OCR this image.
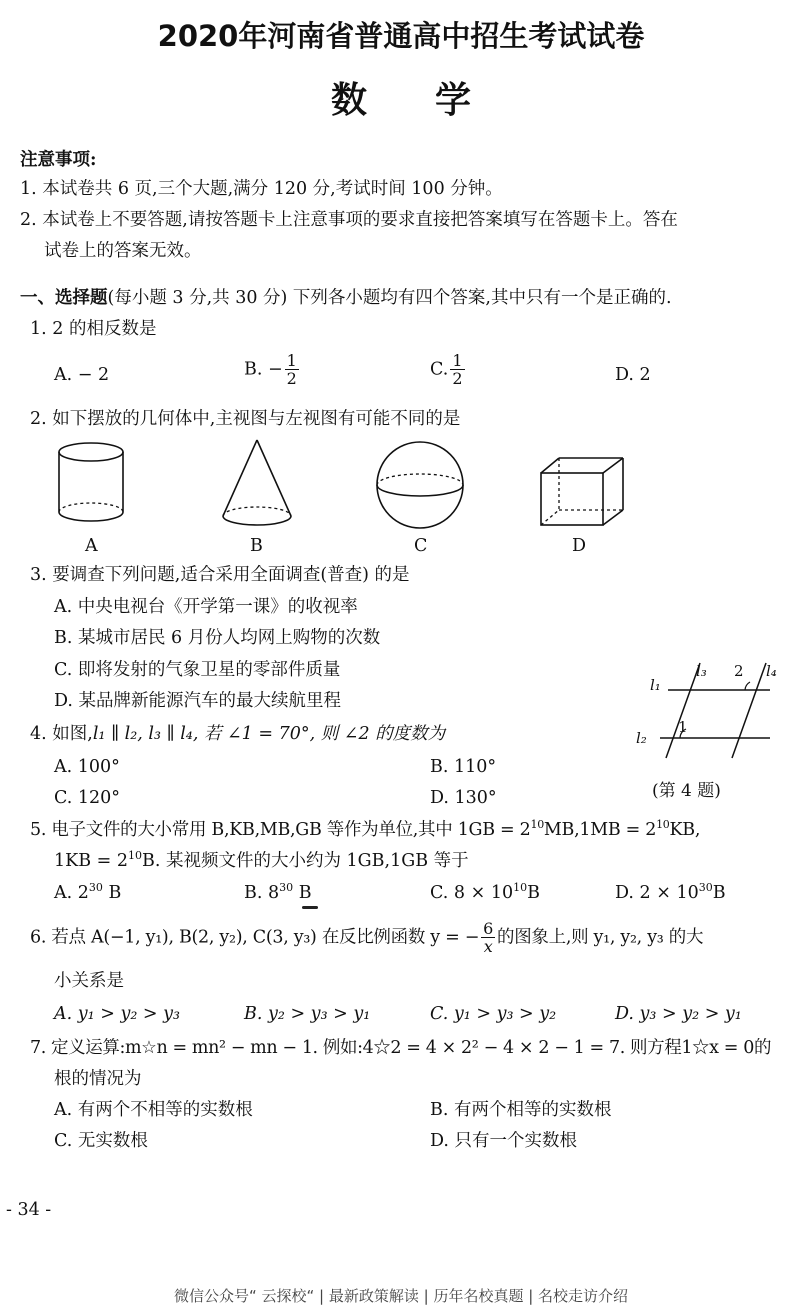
2020年河南省普通高中招生考试试卷
数学
注意事项:
1. 本试卷共 6 页,三个大题,满分 120 分,考试时间 100 分钟。
2. 本试卷上不要答题,请按答题卡上注意事项的要求直接把答案填写在答题卡上。答在
试卷上的答案无效。
一、选择题(每小题 3 分,共 30 分) 下列各小题均有四个答案,其中只有一个是正确的.
1. 2 的相反数是
A. − 2	B. − $\frac{1}{2}$	C. $\frac{1}{2}$	D. 2
2. 如下摆放的几何体中,主视图与左视图有可能不同的是
A	B	C	D
3. 要调查下列问题,适合采用全面调查(普查) 的是
A. 中央电视台《开学第一课》的收视率
B. 某城市居民 6 月份人均网上购物的次数
C. 即将发射的气象卫星的零部件质量
D. 某品牌新能源汽车的最大续航里程
l₁
l₂
l₃	l₄
1
2
(第 4 题)
4. 如图,l₁ ∥ l₂, l₃ ∥ l₄, 若 ∠1 = 70°, 则 ∠2 的度数为
A. 100°	B. 110°
C. 120°	D. 130°
5. 电子文件的大小常用 B,KB,MB,GB 等作为单位,其中 $1GB = 2^{10}MB,1MB = 2^{10}KB$,
$1KB = 2^{10}B$. 某视频文件的大小约为 1GB,1GB 等于
A. $2^{30}$ B	B. $8^{30}$ B	C. $8 \times 10^{10}B$	D. $2 \times 10^{30}B$
6. 若点 A(−1, y₁), B(2, y₂), C(3, y₃) 在反比例函数 y = − $\frac{6}{x}$ 的图象上,则 y₁, y₂, y₃ 的大
小关系是
A. y₁ > y₂ > y₃	B. y₂ > y₃ > y₁	C. y₁ > y₃ > y₂	D. y₃ > y₂ > y₁
7. 定义运算:m☆n = mn² − mn − 1. 例如:4☆2 = 4 × 2² − 4 × 2 − 1 = 7. 则方程1☆x = 0的
根的情况为
A. 有两个不相等的实数根	B. 有两个相等的实数根
C. 无实数根	D. 只有一个实数根
- 34 -
微信公众号“ 云探校“ | 最新政策解读 | 历年名校真题 | 名校走访介绍
